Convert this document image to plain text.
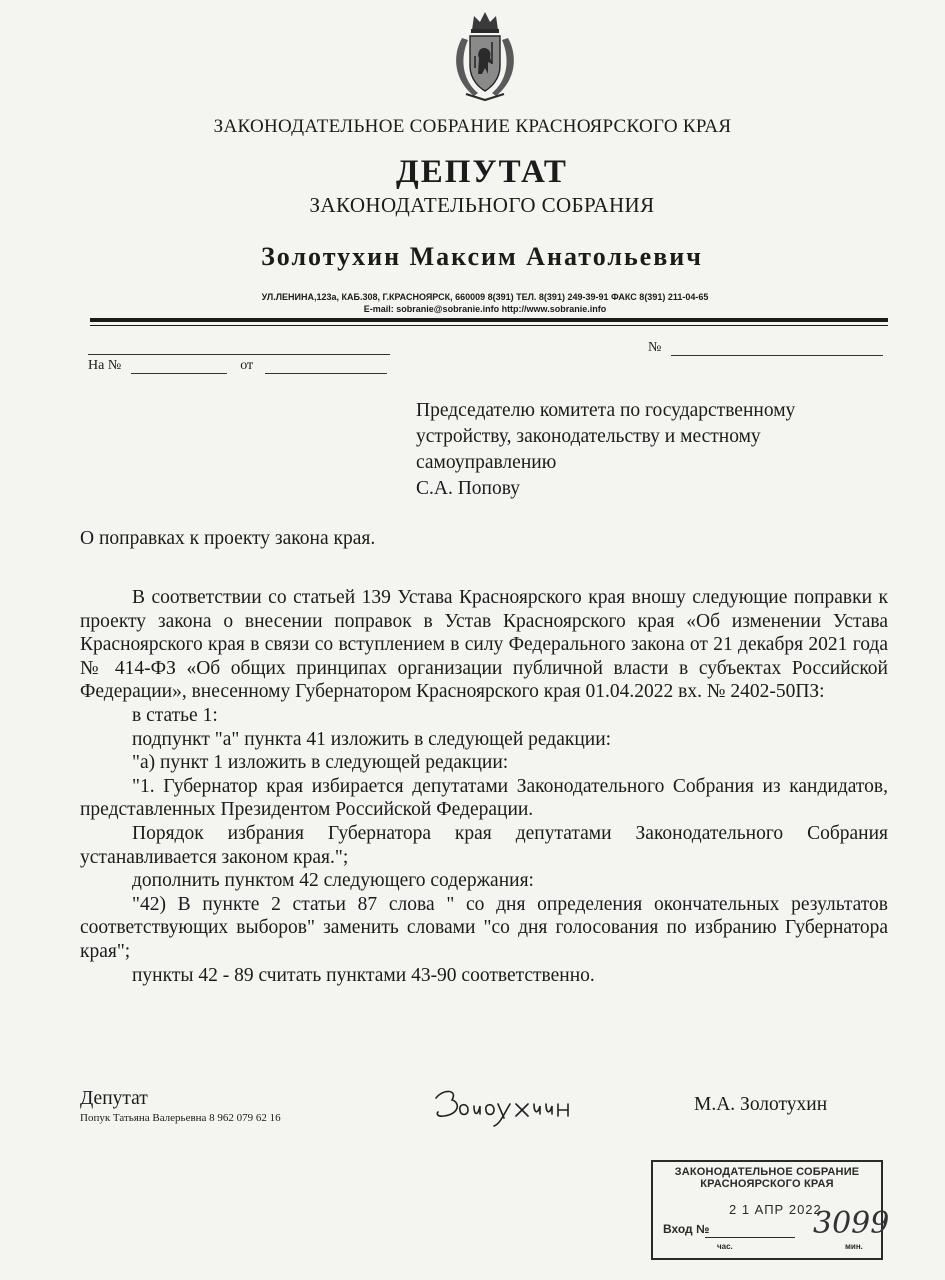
ЗАКОНОДАТЕЛЬНОЕ СОБРАНИЕ КРАСНОЯРСКОГО КРАЯ
ДЕПУТАТ
ЗАКОНОДАТЕЛЬНОГО СОБРАНИЯ
Золотухин Максим Анатольевич
УЛ.ЛЕНИНА,123а, КАБ.308, Г.КРАСНОЯРСК, 660009 8(391) ТЕЛ. 8(391) 249-39-91 ФАКС 8(391) 211-04-65
E-mail: sobranie@sobranie.info http://www.sobranie.info
На №	от
№
Председателю комитета по государственному
устройству, законодательству и местному
самоуправлению
С.А. Попову
О поправках к проекту закона края.

В соответствии со статьей 139 Устава Красноярского края вношу следующие поправки к проекту закона о внесении поправок в Устав Красноярского края «Об изменении Устава Красноярского края в связи со вступлением в силу Федерального закона от 21 декабря 2021 года № 414-ФЗ «Об общих принципах организации публичной власти в субъектах Российской Федерации», внесенному Губернатором Красноярского края 01.04.2022 вх. № 2402-50ПЗ:

в статье 1:

подпункт "а" пункта 41 изложить в следующей редакции:

"а) пункт 1 изложить в следующей редакции:

"1. Губернатор края избирается депутатами Законодательного Собрания из кандидатов, представленных Президентом Российской Федерации.

Порядок избрания Губернатора края депутатами Законодательного Собрания устанавливается законом края.";

дополнить пунктом 42 следующего содержания:

"42) В пункте 2 статьи 87 слова " со дня определения окончательных результатов соответствующих выборов" заменить словами "со дня голосования по избранию Губернатора края";

пункты 42 - 89 считать пунктами 43-90 соответственно.

Депутат
Попук Татьяна Валерьевна 8 962 079 62 16
М.А. Золотухин
ЗАКОНОДАТЕЛЬНОЕ СОБРАНИЕ
КРАСНОЯРСКОГО КРАЯ
2 1 АПР 2022
Вход №	3099
час.	мин.
